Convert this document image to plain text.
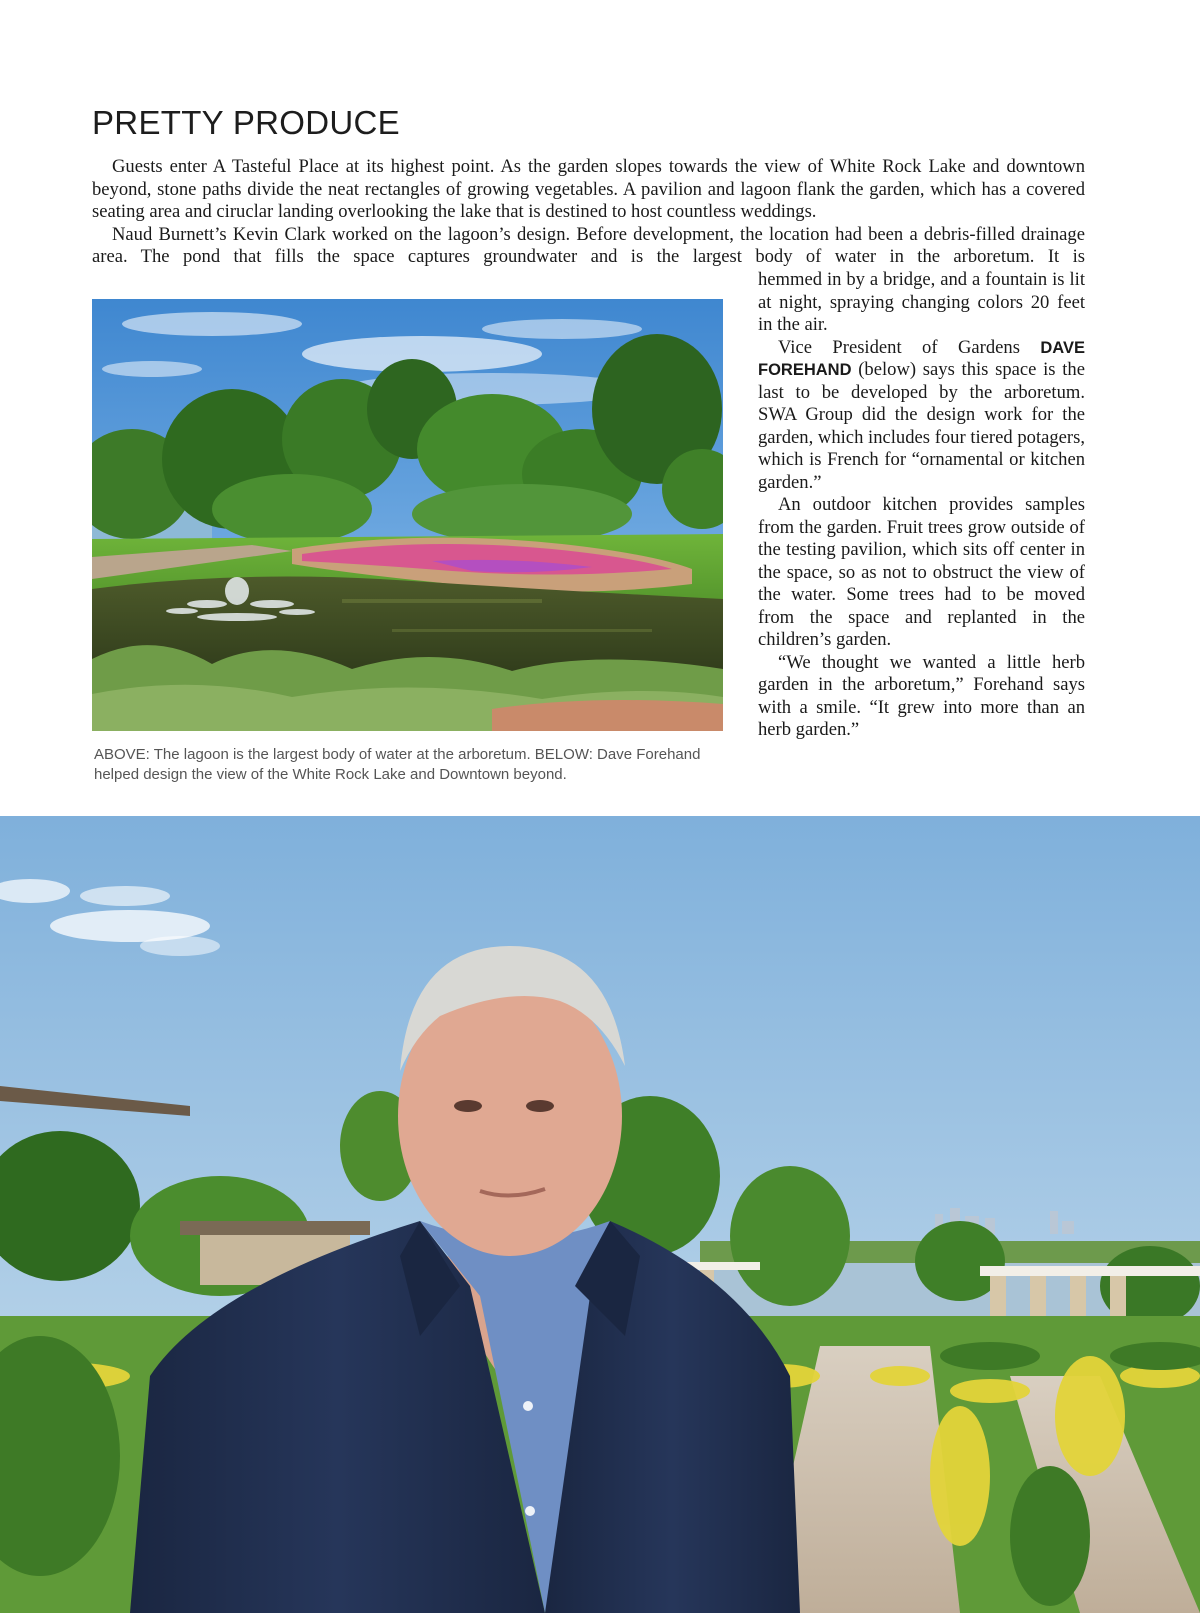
PRETTY PRODUCE

Guests enter A Tasteful Place at its highest point. As the garden slopes towards the view of White Rock Lake and downtown beyond, stone paths divide the neat rectangles of growing vegetables. A pavilion and lagoon flank the garden, which has a covered seating area and ciruclar landing overlooking the lake that is destined to host countless weddings.

Naud Burnett’s Kevin Clark worked on the lagoon’s design. Before development, the location had been a debris-filled drainage area. The pond that fills the space captures groundwater and is the largest body of water in the arboretum. It is

hemmed in by a bridge, and a fountain is lit at night, spraying changing colors 20 feet in the air.

Vice President of Gardens DAVE FOREHAND (below) says this space is the last to be developed by the arboretum. SWA Group did the design work for the garden, which includes four tiered potagers, which is French for “ornamental or kitchen garden.”

An outdoor kitchen provides samples from the garden. Fruit trees grow outside of the testing pavilion, which sits off center in the space, so as not to obstruct the view of the water. Some trees had to be moved from the space and replanted in the children’s garden.

“We thought we wanted a little herb garden in the arboretum,” Forehand says with a smile. “It grew into more than an herb garden.”

ABOVE: The lagoon is the largest body of water at the arboretum. BELOW: Dave Forehand helped design the view of the White Rock Lake and Downtown beyond.
